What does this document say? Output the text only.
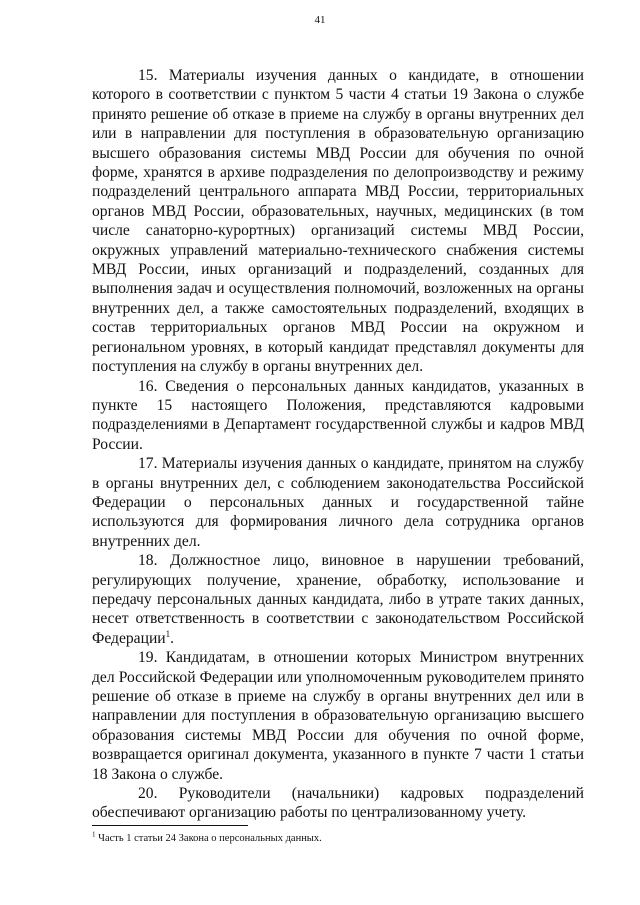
41

15. Материалы изучения данных о кандидате, в отношении которого в соответствии с пунктом 5 части 4 статьи 19 Закона о службе принято решение об отказе в приеме на службу в органы внутренних дел или в направлении для поступления в образовательную организацию высшего образования системы МВД России для обучения по очной форме, хранятся в архиве подразделения по делопроизводству и режиму подразделений центрального аппарата МВД России, территориальных органов МВД России, образовательных, научных, медицинских (в том числе санаторно-курортных) организаций системы МВД России, окружных управлений материально-технического снабжения системы МВД России, иных организаций и подразделений, созданных для выполнения задач и осуществления полномочий, возложенных на органы внутренних дел, а также самостоятельных подразделений, входящих в состав территориальных органов МВД России на окружном и региональном уровнях, в который кандидат представлял документы для поступления на службу в органы внутренних дел.

16. Сведения о персональных данных кандидатов, указанных в пункте 15 настоящего Положения, представляются кадровыми подразделениями в Департамент государственной службы и кадров МВД России.

17. Материалы изучения данных о кандидате, принятом на службу в органы внутренних дел, с соблюдением законодательства Российской Федерации о персональных данных и государственной тайне используются для формирования личного дела сотрудника органов внутренних дел.

18. Должностное лицо, виновное в нарушении требований, регулирующих получение, хранение, обработку, использование и передачу персональных данных кандидата, либо в утрате таких данных, несет ответственность в соответствии с законодательством Российской Федерации$^1$.

19. Кандидатам, в отношении которых Министром внутренних дел Российской Федерации или уполномоченным руководителем принято решение об отказе в приеме на службу в органы внутренних дел или в направлении для поступления в образовательную организацию высшего образования системы МВД России для обучения по очной форме, возвращается оригинал документа, указанного в пункте 7 части 1 статьи 18 Закона о службе.

20. Руководители (начальники) кадровых подразделений обеспечивают организацию работы по централизованному учету.

$^1$ Часть 1 статьи 24 Закона о персональных данных.
